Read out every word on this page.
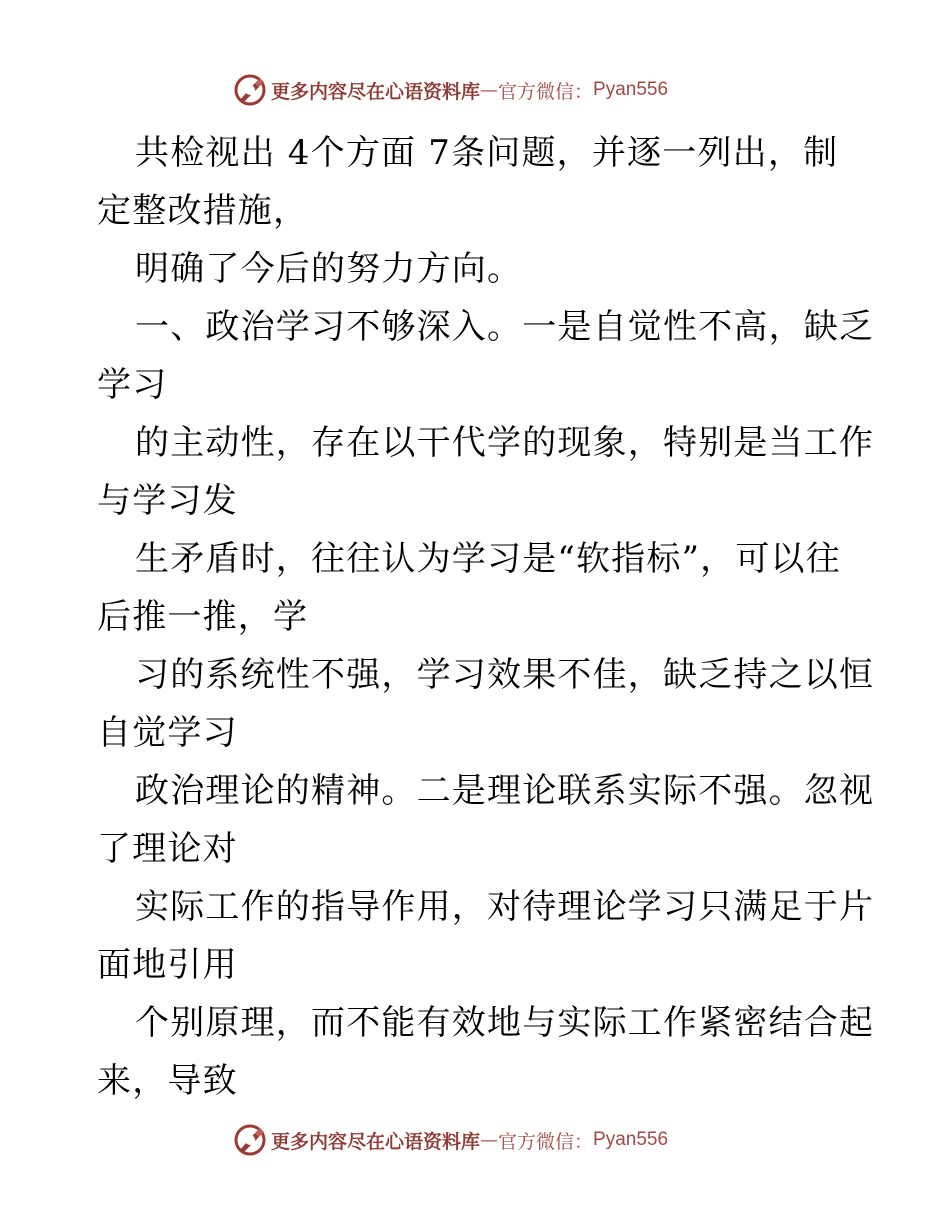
更多内容尽在心语资料库 — 官方微信： Pyan556
共检视出 4个方面 7条问题，并逐一列出，制
定整改措施，
明确了今后的努力方向。
一、政治学习不够深入。一是自觉性不高，缺乏
学习
的主动性，存在以干代学的现象，特别是当工作
与学习发
生矛盾时，往往认为学习是“软指标”，可以往
后推一推，学
习的系统性不强，学习效果不佳，缺乏持之以恒
自觉学习
政治理论的精神。二是理论联系实际不强。忽视
了理论对
实际工作的指导作用，对待理论学习只满足于片
面地引用
个别原理，而不能有效地与实际工作紧密结合起
来，导致
更多内容尽在心语资料库 — 官方微信： Pyan556
